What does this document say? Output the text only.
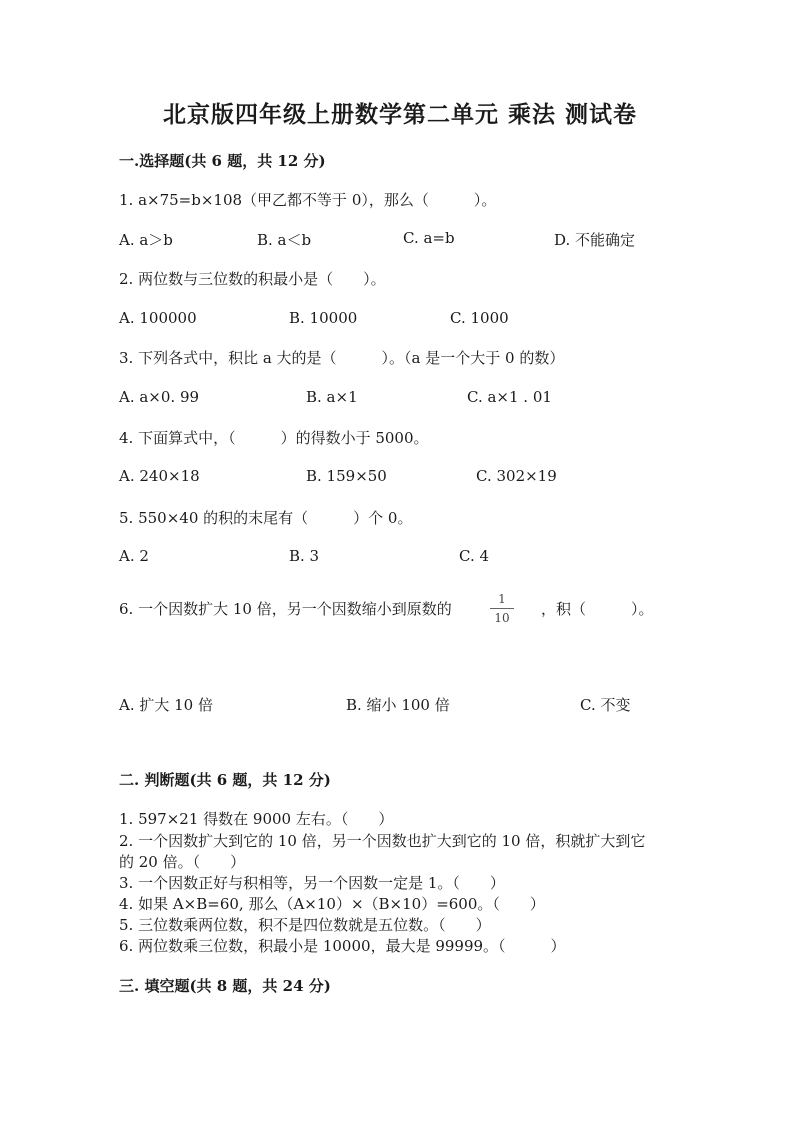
北京版四年级上册数学第二单元 乘法 测试卷
一.选择题(共 6 题，共 12 分)
1. a×75=b×108（甲乙都不等于 0），那么（　　　）。
A. a＞b	B. a＜b	C. a=b	D. 不能确定
2. 两位数与三位数的积最小是（　　）。
A. 100000	B. 10000	C. 1000
3. 下列各式中，积比 a 大的是（　　　）。（a 是一个大于 0 的数）
A. a×0. 99	B. a×1	C. a×1 . 01
4. 下面算式中，（　　　）的得数小于 5000。
A. 240×18	B. 159×50	C. 302×19
5. 550×40 的积的末尾有（　　　）个 0。
A. 2	B. 3	C. 4
6. 一个因数扩大 10 倍，另一个因数缩小到原数的
1
10 ，积（　　　）。
A. 扩大 10 倍	B. 缩小 100 倍	C. 不变
二. 判断题(共 6 题，共 12 分)
1. 597×21 得数在 9000 左右。（　　）
2. 一个因数扩大到它的 10 倍，另一个因数也扩大到它的 10 倍，积就扩大到它
的 20 倍。（　　）
3. 一个因数正好与积相等，另一个因数一定是 1。（　　）
4. 如果 A×B=60, 那么（A×10）×（B×10）=600。（　　）
5. 三位数乘两位数，积不是四位数就是五位数。（　　）
6. 两位数乘三位数，积最小是 10000，最大是 99999。（　　　）
三. 填空题(共 8 题，共 24 分)
